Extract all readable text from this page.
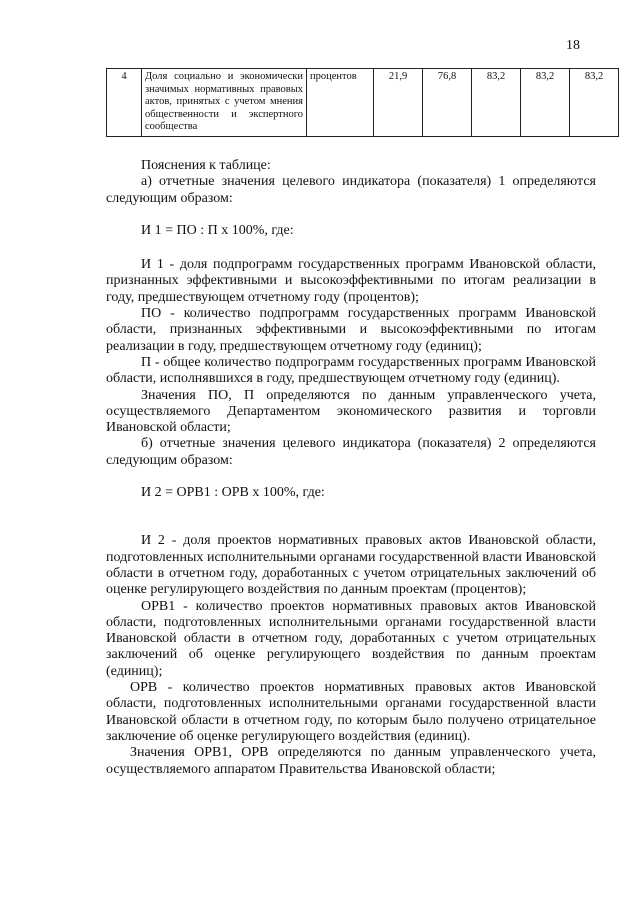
18
4	Доля социально и экономически значимых нормативных правовых актов, принятых с учетом мнения общественности и экспертного сообщества	процентов	21,9	76,8	83,2	83,2	83,2

Пояснения к таблице:

а) отчетные значения целевого индикатора (показателя) 1 определяются следующим образом:

И 1 = ПО : П х 100%, где:

И 1 - доля подпрограмм государственных программ Ивановской области, признанных эффективными и высокоэффективными по итогам реализации в году, предшествующем отчетному году (процентов);

ПО - количество подпрограмм государственных программ Ивановской области, признанных эффективными и высокоэффективными по итогам реализации в году, предшествующем отчетному году (единиц);

П - общее количество подпрограмм государственных программ Ивановской области, исполнявшихся в году, предшествующем отчетному году (единиц).

Значения ПО, П определяются по данным управленческого учета, осуществляемого Департаментом экономического развития и торговли Ивановской области;

б) отчетные значения целевого индикатора (показателя) 2 определяются следующим образом:

И 2 = ОРВ1 : ОРВ х 100%, где:

И 2 - доля проектов нормативных правовых актов Ивановской области, подготовленных исполнительными органами государственной власти Ивановской области в отчетном году, доработанных с учетом отрицательных заключений об оценке регулирующего воздействия по данным проектам (процентов);

ОРВ1 - количество проектов нормативных правовых актов Ивановской области, подготовленных исполнительными органами государственной власти Ивановской области в отчетном году, доработанных с учетом отрицательных заключений об оценке регулирующего воздействия по данным проектам (единиц);

ОРВ - количество проектов нормативных правовых актов Ивановской области, подготовленных исполнительными органами государственной власти Ивановской области в отчетном году, по которым было получено отрицательное заключение об оценке регулирующего воздействия (единиц).

Значения ОРВ1, ОРВ определяются по данным управленческого учета, осуществляемого аппаратом Правительства Ивановской области;
